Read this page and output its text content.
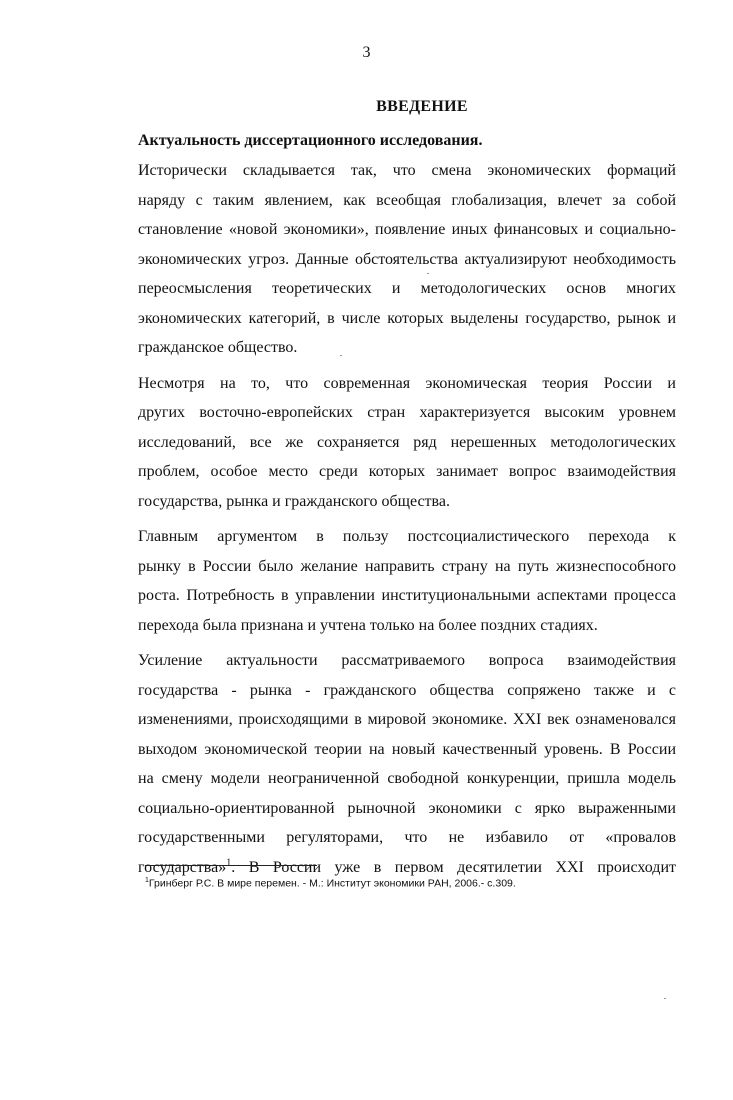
3
ВВЕДЕНИЕ
Актуальность диссертационного исследования.

Исторически складывается так, что смена экономических формаций
наряду с таким явлением, как всеобщая глобализация, влечет за собой
становление «новой экономики», появление иных финансовых и социально-
экономических угроз. Данные обстоятельства актуализируют необходимость
переосмысления теоретических и методологических основ многих
экономических категорий, в числе которых выделены государство, рынок и
гражданское общество.

Несмотря на то, что современная экономическая теория России и
других восточно-европейских стран характеризуется высоким уровнем
исследований, все же сохраняется ряд нерешенных методологических
проблем, особое место среди которых занимает вопрос взаимодействия
государства, рынка и гражданского общества.

Главным аргументом в пользу постсоциалистического перехода к
рынку в России было желание направить страну на путь жизнеспособного
роста. Потребность в управлении институциональными аспектами процесса
перехода была признана и учтена только на более поздних стадиях.

Усиление актуальности рассматриваемого вопроса взаимодействия
государства - рынка - гражданского общества сопряжено также и с
изменениями, происходящими в мировой экономике. XXI век ознаменовался
выходом экономической теории на новый качественный уровень. В России
на смену модели неограниченной свободной конкуренции, пришла модель
социально-ориентированной рыночной экономики с ярко выраженными
государственными регуляторами, что не избавило от «провалов
государства»$^1$. В России уже в первом десятилетии XXI происходит

$^1$Гринберг Р.С. В мире перемен. - М.: Институт экономики РАН, 2006.- с.309.
